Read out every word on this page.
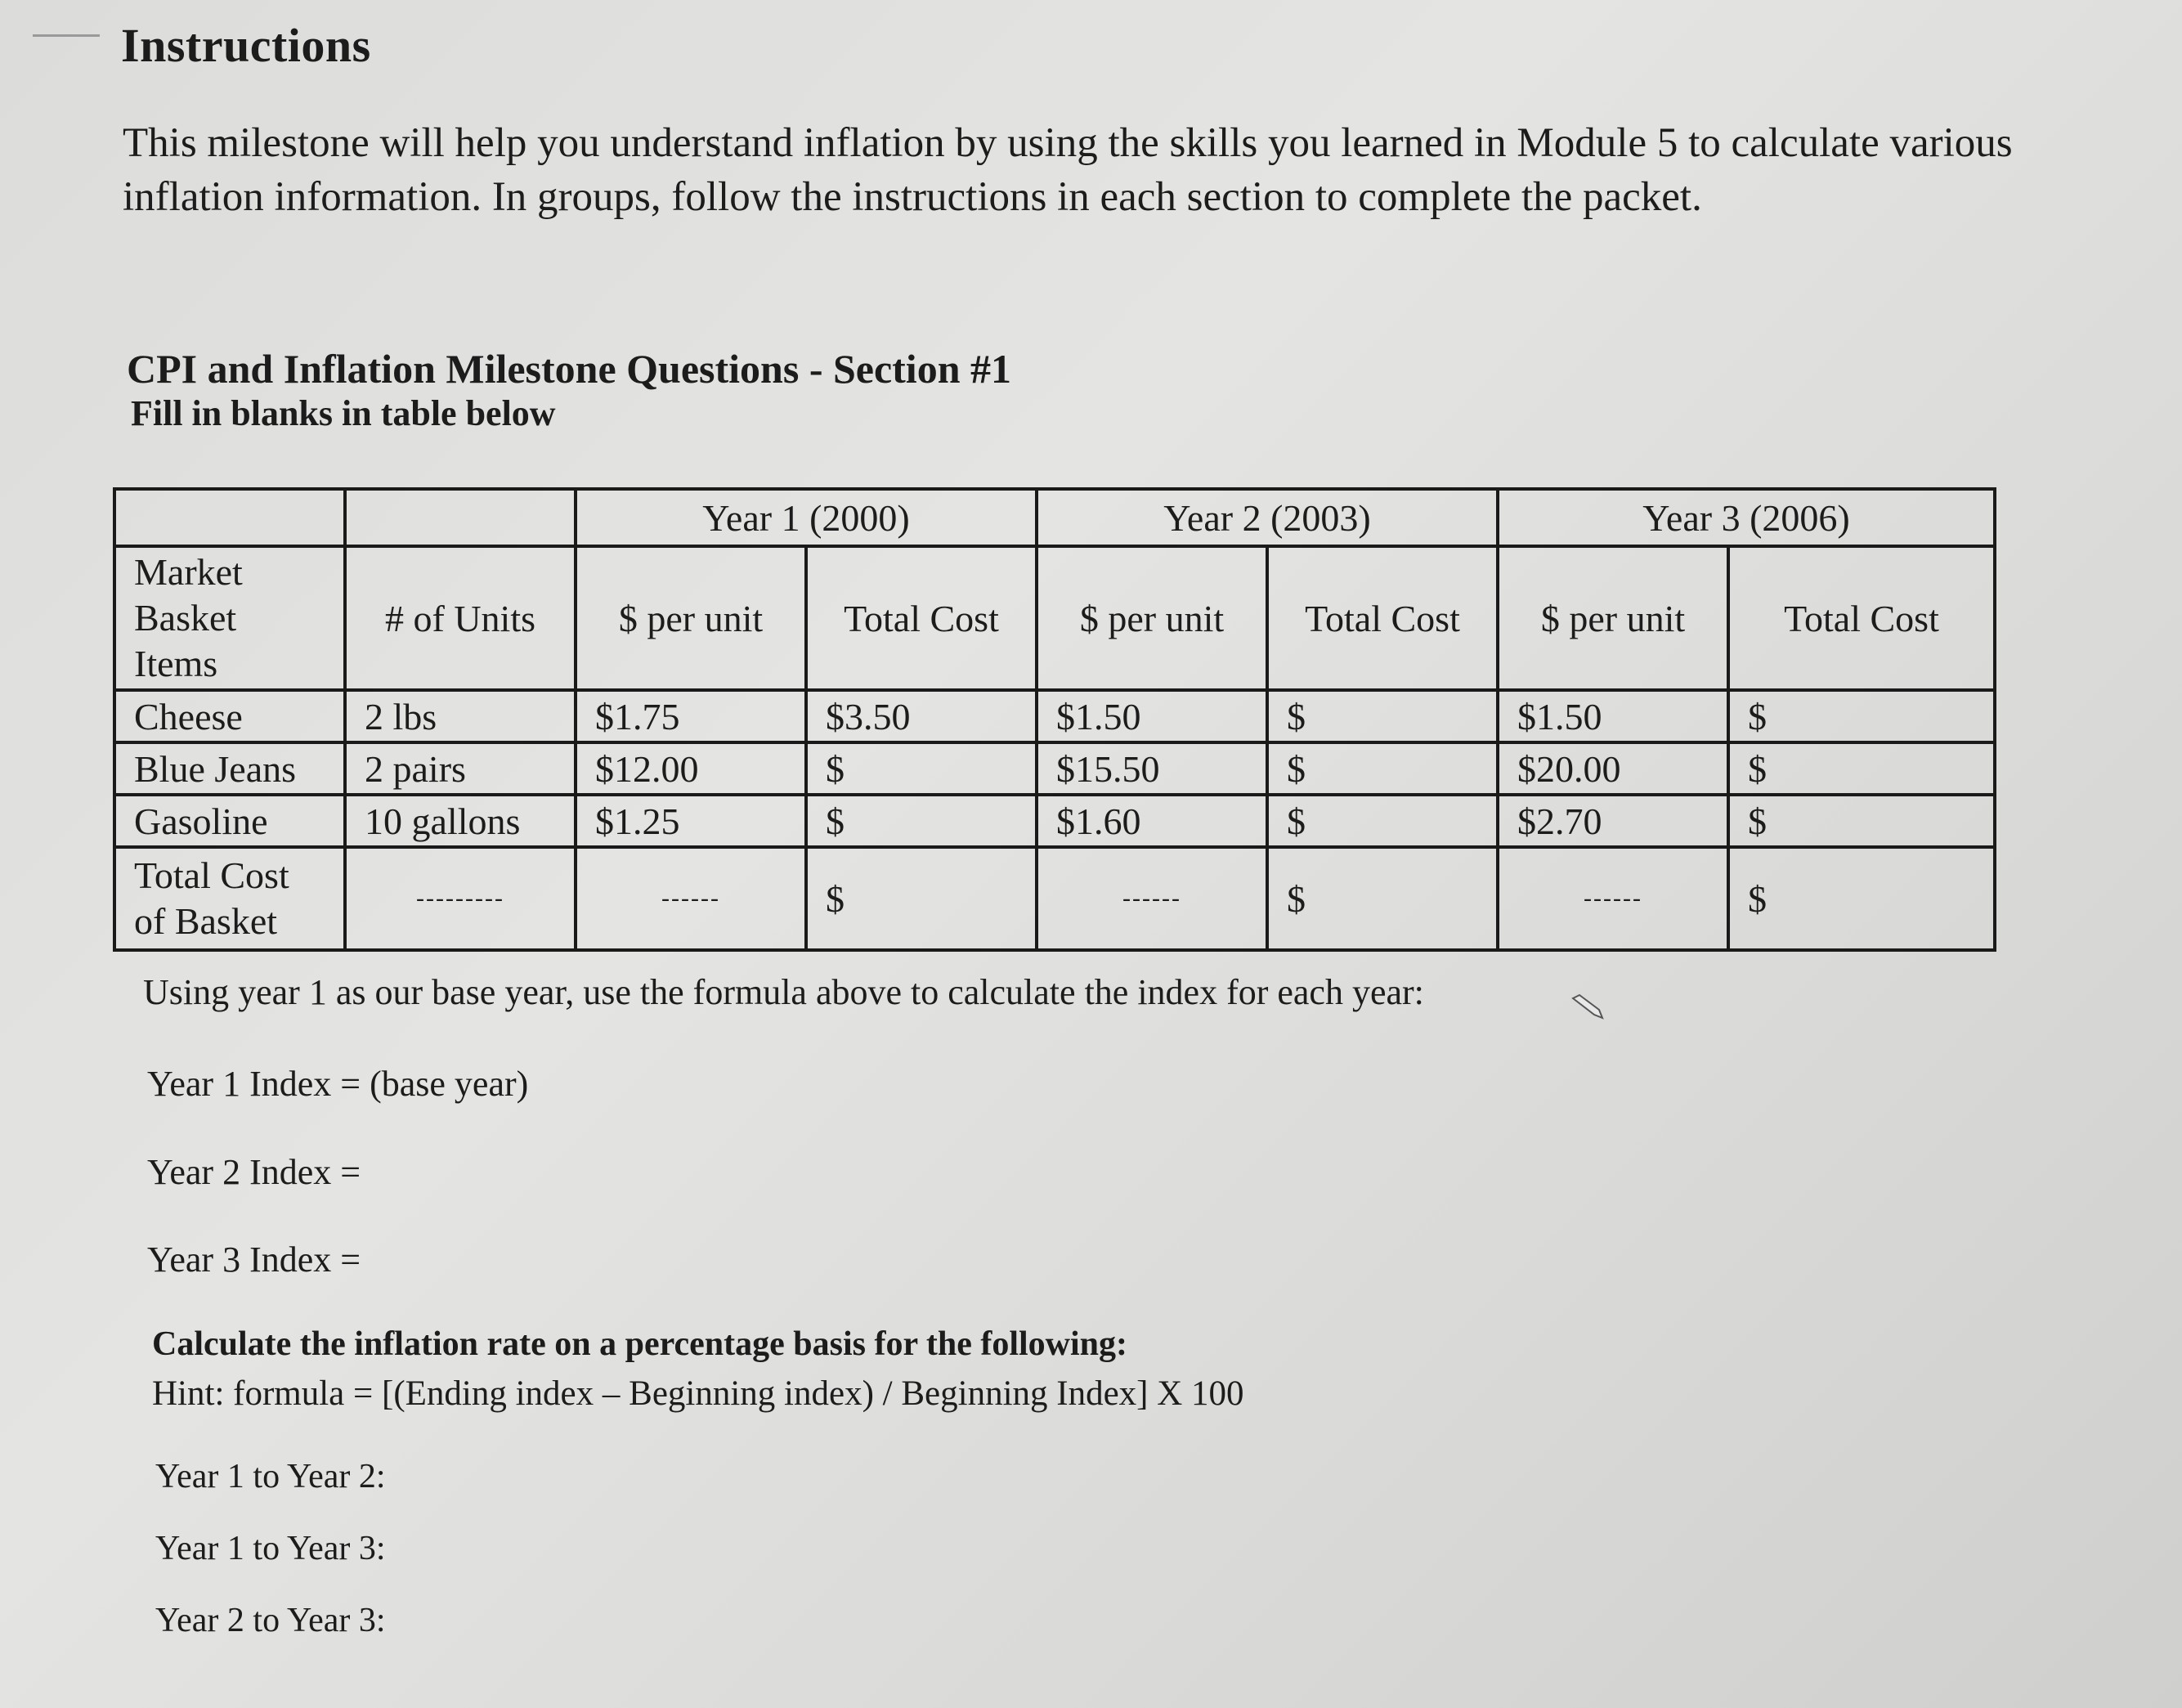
Instructions
This milestone will help you understand inflation by using the skills you learned in Module 5 to calculate various inflation information. In groups, follow the instructions in each section to complete the packet.
CPI and Inflation Milestone Questions - Section #1
Fill in blanks in table below
		Year 1 (2000)		Year 2 (2003)		Year 3 (2006)	
Market Basket Items	# of Units	$ per unit	Total Cost	$ per unit	Total Cost	$ per unit	Total Cost
Cheese	2 lbs	$1.75	$3.50	$1.50	$	$1.50	$
Blue Jeans	2 pairs	$12.00	$	$15.50	$	$20.00	$
Gasoline	10 gallons	$1.25	$	$1.60	$	$2.70	$
Total Cost of Basket	---------	------	$	------	$	------	$
Using year 1 as our base year, use the formula above to calculate the index for each year:
Year 1 Index = (base year)
Year 2 Index =
Year 3 Index =
Calculate the inflation rate on a percentage basis for the following:
Hint: formula = [(Ending index – Beginning index) / Beginning Index] X 100
Year 1 to Year 2:
Year 1 to Year 3:
Year 2 to Year 3:
